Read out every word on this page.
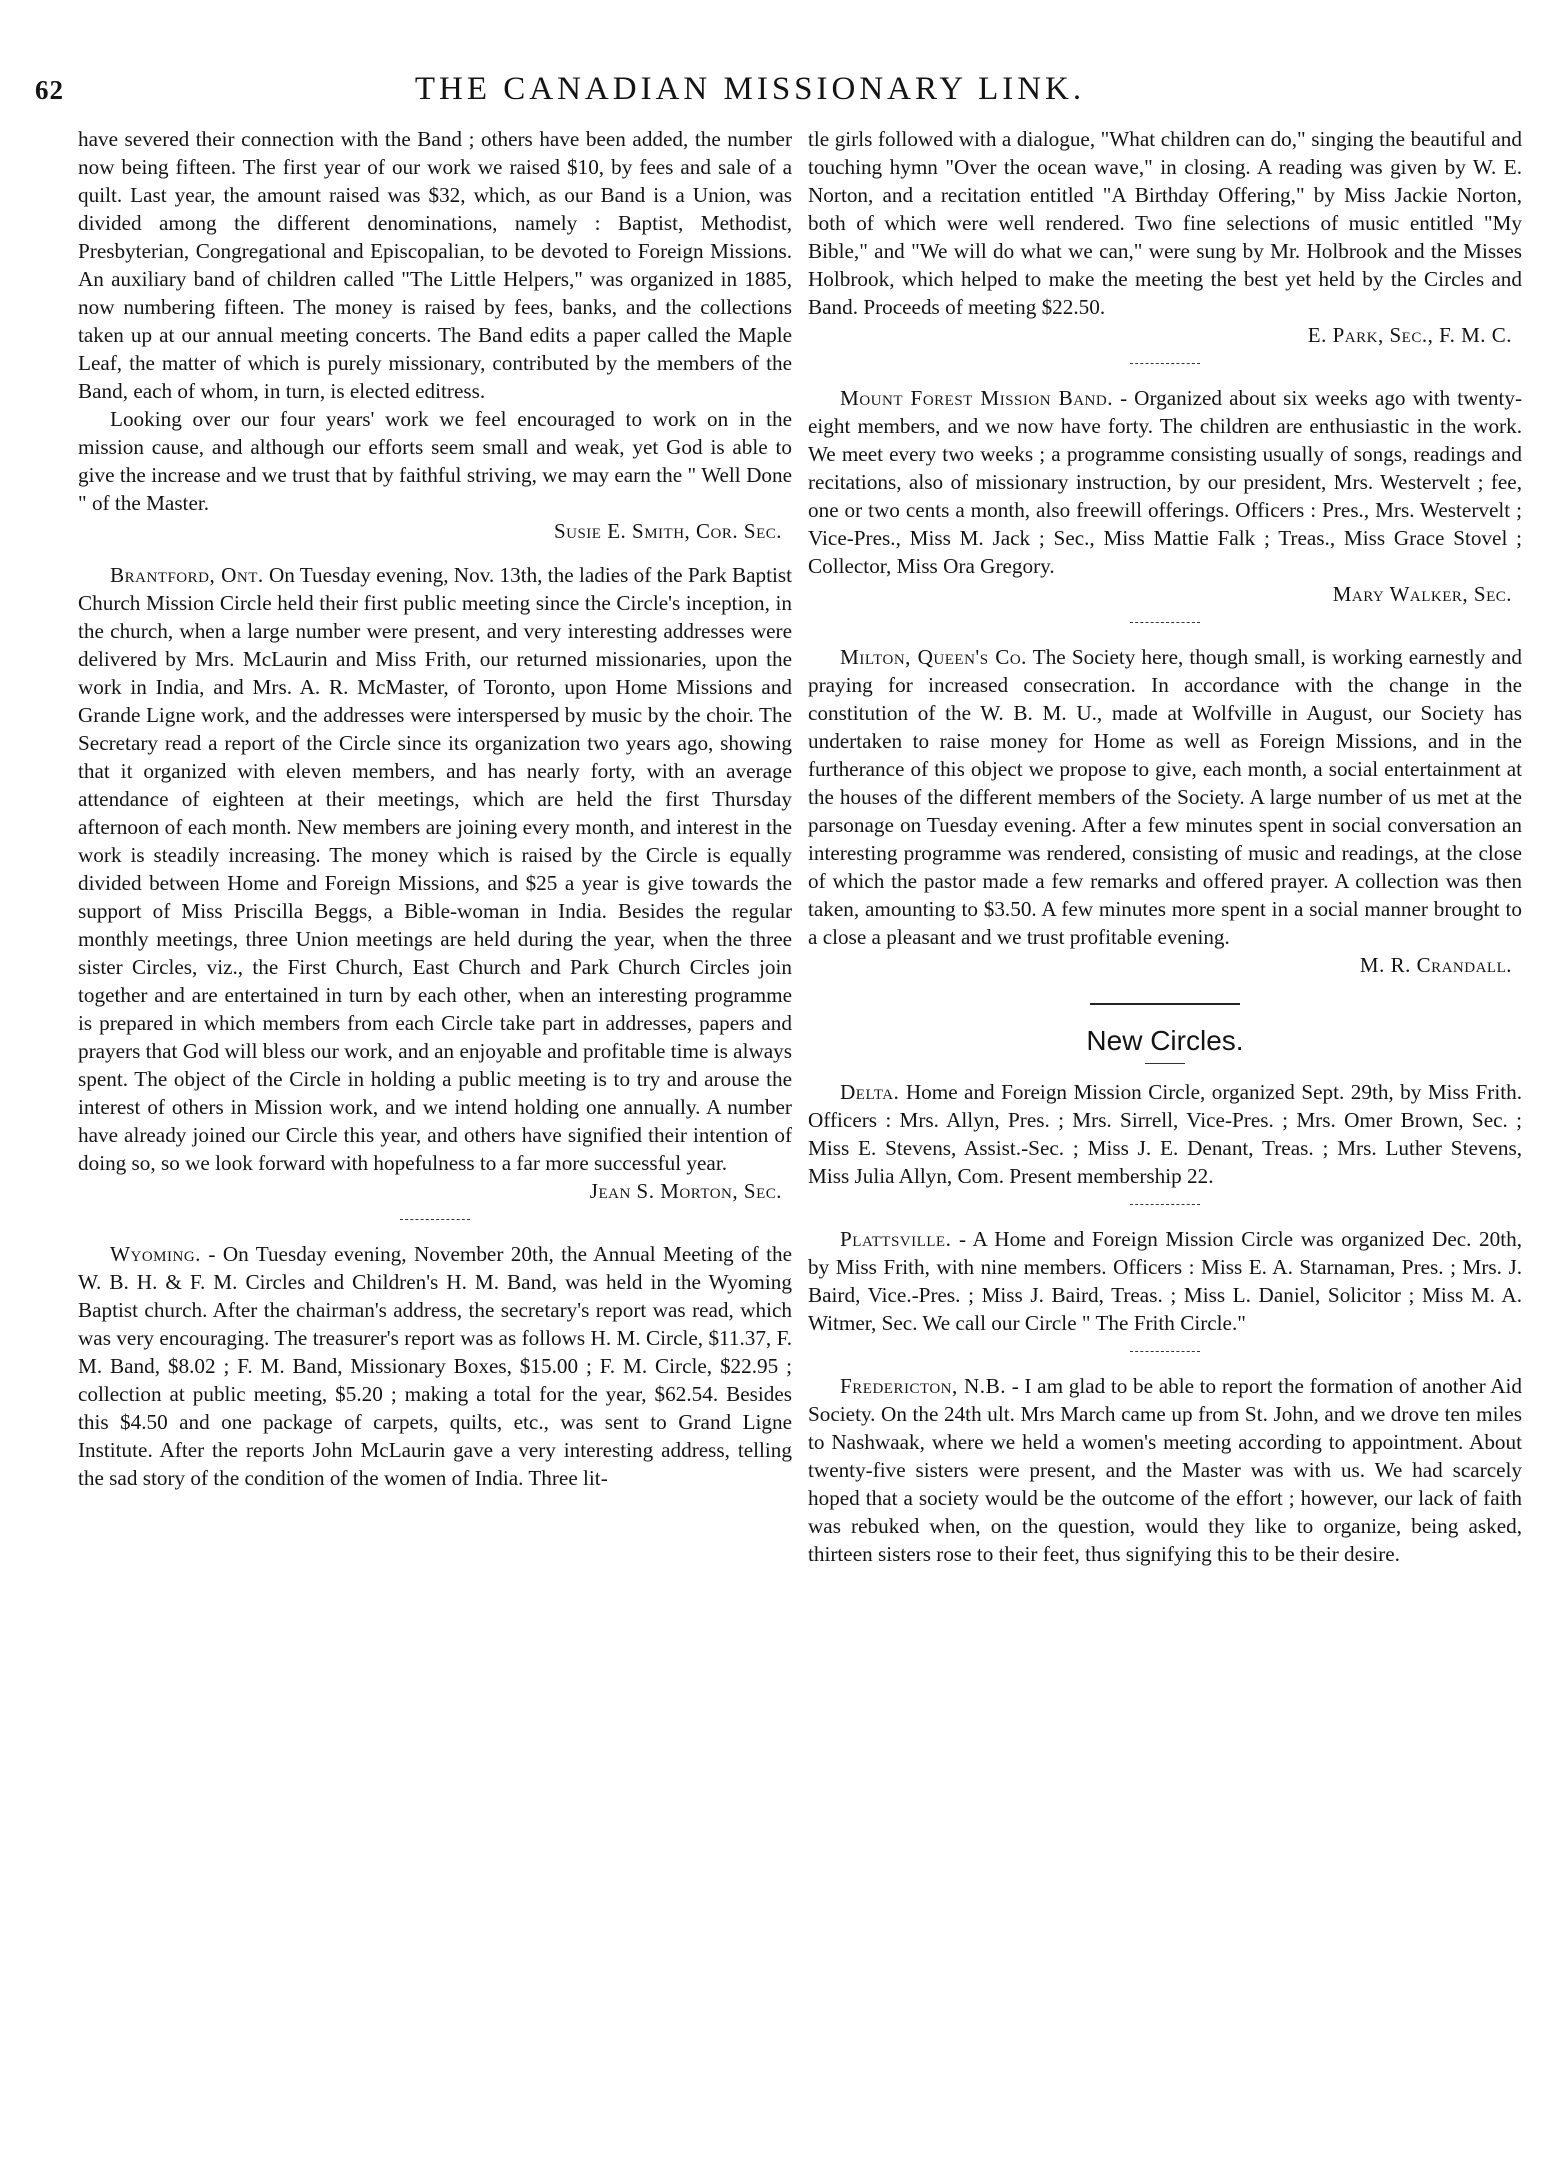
62	THE CANADIAN MISSIONARY LINK.

have severed their connection with the Band ; others have been added, the number now being fifteen. The first year of our work we raised $10, by fees and sale of a quilt. Last year, the amount raised was $32, which, as our Band is a Union, was divided among the different denominations, namely : Baptist, Methodist, Presbyterian, Congregational and Episcopalian, to be devoted to Foreign Missions. An auxiliary band of children called "The Little Helpers," was organized in 1885, now numbering fifteen. The money is raised by fees, banks, and the collections taken up at our annual meeting concerts. The Band edits a paper called the Maple Leaf, the matter of which is purely missionary, contributed by the members of the Band, each of whom, in turn, is elected editress.

Looking over our four years' work we feel encouraged to work on in the mission cause, and although our efforts seem small and weak, yet God is able to give the increase and we trust that by faithful striving, we may earn the " Well Done " of the Master.

Susie E. Smith, Cor. Sec.

Brantford, Ont. On Tuesday evening, Nov. 13th, the ladies of the Park Baptist Church Mission Circle held their first public meeting since the Circle's inception, in the church, when a large number were present, and very interesting addresses were delivered by Mrs. McLaurin and Miss Frith, our returned missionaries, upon the work in India, and Mrs. A. R. McMaster, of Toronto, upon Home Missions and Grande Ligne work, and the addresses were interspersed by music by the choir. The Secretary read a report of the Circle since its organization two years ago, showing that it organized with eleven members, and has nearly forty, with an average attendance of eighteen at their meetings, which are held the first Thursday afternoon of each month. New members are joining every month, and interest in the work is steadily increasing. The money which is raised by the Circle is equally divided between Home and Foreign Missions, and $25 a year is give towards the support of Miss Priscilla Beggs, a Bible-woman in India. Besides the regular monthly meetings, three Union meetings are held during the year, when the three sister Circles, viz., the First Church, East Church and Park Church Circles join together and are entertained in turn by each other, when an interesting programme is prepared in which members from each Circle take part in addresses, papers and prayers that God will bless our work, and an enjoyable and profitable time is always spent. The object of the Circle in holding a public meeting is to try and arouse the interest of others in Mission work, and we intend holding one annually. A number have already joined our Circle this year, and others have signified their intention of doing so, so we look forward with hopefulness to a far more successful year.

Jean S. Morton, Sec.

Wyoming. - On Tuesday evening, November 20th, the Annual Meeting of the W. B. H. & F. M. Circles and Children's H. M. Band, was held in the Wyoming Baptist church. After the chairman's address, the secretary's report was read, which was very encouraging. The treasurer's report was as follows H. M. Circle, $11.37, F. M. Band, $8.02 ; F. M. Band, Missionary Boxes, $15.00 ; F. M. Circle, $22.95 ; collection at public meeting, $5.20 ; making a total for the year, $62.54. Besides this $4.50 and one package of carpets, quilts, etc., was sent to Grand Ligne Institute. After the reports John McLaurin gave a very interesting address, telling the sad story of the condition of the women of India. Three lit-

tle girls followed with a dialogue, "What children can do," singing the beautiful and touching hymn "Over the ocean wave," in closing. A reading was given by W. E. Norton, and a recitation entitled "A Birthday Offering," by Miss Jackie Norton, both of which were well rendered. Two fine selections of music entitled "My Bible," and "We will do what we can," were sung by Mr. Holbrook and the Misses Holbrook, which helped to make the meeting the best yet held by the Circles and Band. Proceeds of meeting $22.50.

E. Park, Sec., F. M. C.

Mount Forest Mission Band. - Organized about six weeks ago with twenty-eight members, and we now have forty. The children are enthusiastic in the work. We meet every two weeks ; a programme consisting usually of songs, readings and recitations, also of missionary instruction, by our president, Mrs. Westervelt ; fee, one or two cents a month, also freewill offerings. Officers : Pres., Mrs. Westervelt ; Vice-Pres., Miss M. Jack ; Sec., Miss Mattie Falk ; Treas., Miss Grace Stovel ; Collector, Miss Ora Gregory.

Mary Walker, Sec.

Milton, Queen's Co. The Society here, though small, is working earnestly and praying for increased consecration. In accordance with the change in the constitution of the W. B. M. U., made at Wolfville in August, our Society has undertaken to raise money for Home as well as Foreign Missions, and in the furtherance of this object we propose to give, each month, a social entertainment at the houses of the different members of the Society. A large number of us met at the parsonage on Tuesday evening. After a few minutes spent in social conversation an interesting programme was rendered, consisting of music and readings, at the close of which the pastor made a few remarks and offered prayer. A collection was then taken, amounting to $3.50. A few minutes more spent in a social manner brought to a close a pleasant and we trust profitable evening.

M. R. Crandall.

New Circles.

Delta. Home and Foreign Mission Circle, organized Sept. 29th, by Miss Frith. Officers : Mrs. Allyn, Pres. ; Mrs. Sirrell, Vice-Pres. ; Mrs. Omer Brown, Sec. ; Miss E. Stevens, Assist.-Sec. ; Miss J. E. Denant, Treas. ; Mrs. Luther Stevens, Miss Julia Allyn, Com. Present membership 22.

Plattsville. - A Home and Foreign Mission Circle was organized Dec. 20th, by Miss Frith, with nine members. Officers : Miss E. A. Starnaman, Pres. ; Mrs. J. Baird, Vice.-Pres. ; Miss J. Baird, Treas. ; Miss L. Daniel, Solicitor ; Miss M. A. Witmer, Sec. We call our Circle " The Frith Circle."

Fredericton, N.B. - I am glad to be able to report the formation of another Aid Society. On the 24th ult. Mrs March came up from St. John, and we drove ten miles to Nashwaak, where we held a women's meeting according to appointment. About twenty-five sisters were present, and the Master was with us. We had scarcely hoped that a society would be the outcome of the effort ; however, our lack of faith was rebuked when, on the question, would they like to organize, being asked, thirteen sisters rose to their feet, thus signifying this to be their desire.
